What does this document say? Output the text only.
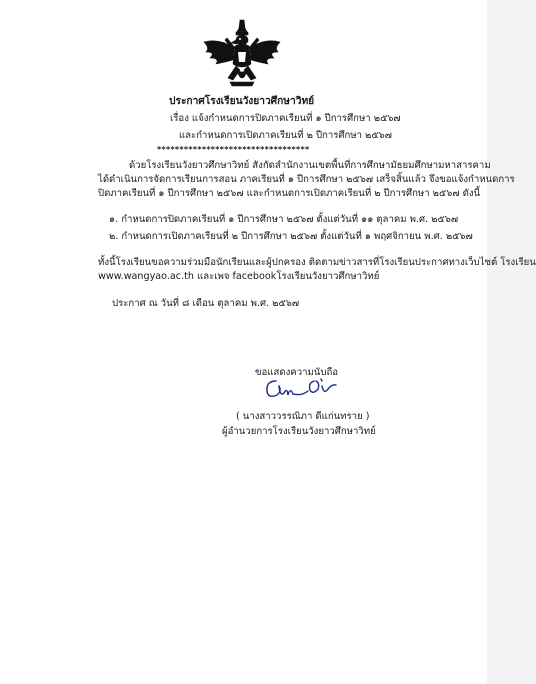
ประกาศโรงเรียนวังยาวศึกษาวิทย์
เรื่อง แจ้งกำหนดการปิดภาคเรียนที่ ๑ ปีการศึกษา ๒๕๖๗
และกำหนดการเปิดภาคเรียนที่ ๒ ปีการศึกษา ๒๕๖๗
**********************************
ด้วยโรงเรียนวังยาวศึกษาวิทย์ สังกัดสำนักงานเขตพื้นที่การศึกษามัธยมศึกษามหาสารคาม
ได้ดำเนินการจัดการเรียนการสอน ภาคเรียนที่ ๑ ปีการศึกษา ๒๕๖๗ เสร็จสิ้นแล้ว จึงขอแจ้งกำหนดการ
ปิดภาคเรียนที่ ๑ ปีการศึกษา ๒๕๖๗ และกำหนดการเปิดภาคเรียนที่ ๒ ปีการศึกษา ๒๕๖๗ ดังนี้
๑. กำหนดการปิดภาคเรียนที่ ๑ ปีการศึกษา ๒๕๖๗ ตั้งแต่วันที่ ๑๑ ตุลาคม พ.ศ. ๒๕๖๗
๒. กำหนดการเปิดภาคเรียนที่ ๒ ปีการศึกษา ๒๕๖๗ ตั้งแต่วันที่ ๑ พฤศจิกายน พ.ศ. ๒๕๖๗
ทั้งนี้โรงเรียนขอความร่วมมือนักเรียนและผู้ปกครอง ติดตามข่าวสารที่โรงเรียนประกาศทางเว็บไซต์ โรงเรียน
www.wangyao.ac.th และเพจ facebookโรงเรียนวังยาวศึกษาวิทย์
ประกาศ ณ วันที่ ๘ เดือน ตุลาคม พ.ศ. ๒๕๖๗
ขอแสดงความนับถือ
( นางสาววรรณิภา ดีแก่นทราย )
ผู้อำนวยการโรงเรียนวังยาวศึกษาวิทย์
